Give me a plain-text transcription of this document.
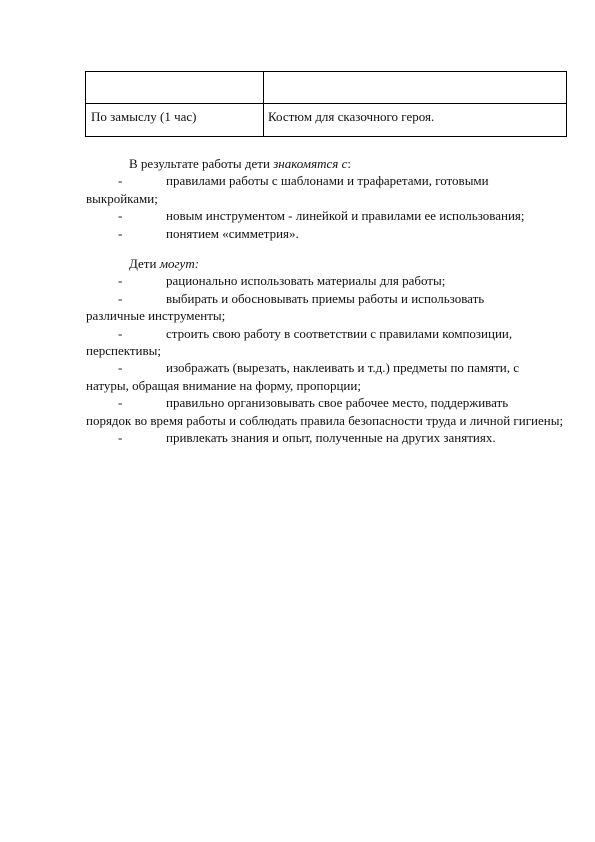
По замыслу (1 час)	Костюм для сказочного героя.
В результате работы дети знакомятся с:
-	правилами работы с шаблонами и трафаретами, готовыми
выкройками;
-	новым инструментом - линейкой и правилами ее использования;
-	понятием «симметрия».
Дети могут:
-	рационально использовать материалы для работы;
-	выбирать и обосновывать приемы работы и использовать
различные инструменты;
-	строить свою работу в соответствии с правилами композиции,
перспективы;
-	изображать (вырезать, наклеивать и т.д.) предметы по памяти, с
натуры, обращая внимание на форму, пропорции;
-	правильно организовывать свое рабочее место, поддерживать
порядок во время работы и соблюдать правила безопасности труда и личной гигиены;
-	привлекать знания и опыт, полученные на других занятиях.
